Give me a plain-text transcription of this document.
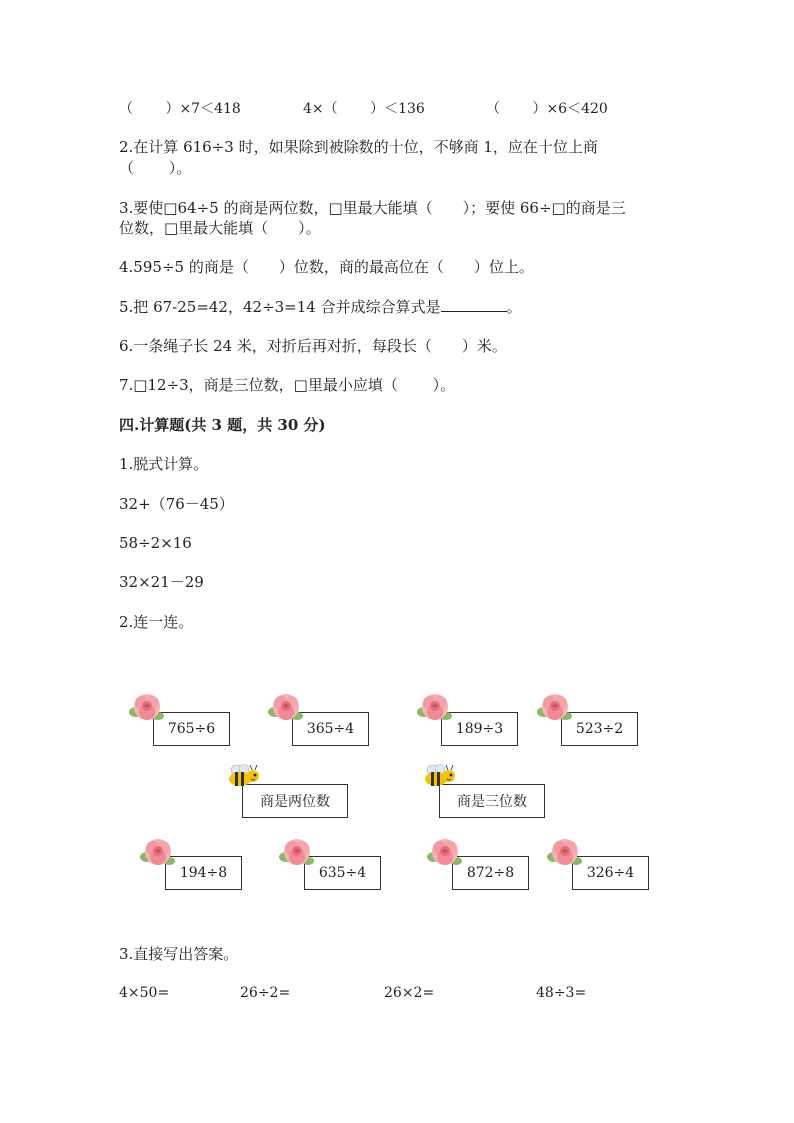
（　　 ）×7＜418	4×（　　 ）＜136	（　　 ）×6＜420
2.在计算 616÷3 时，如果除到被除数的十位，不够商 1，应在十位上商
（　　 ）。
3.要使□64÷5 的商是两位数，□里最大能填（　　）；要使 66÷□的商是三
位数，□里最大能填（　　）。
4.595÷5 的商是（　　）位数，商的最高位在（　　）位上。
5.把 67-25=42，42÷3=14 合并成综合算式是	。
6.一条绳子长 24 米，对折后再对折，每段长（　　）米。
7.□12÷3，商是三位数，□里最小应填（　　 ）。
四.计算题(共 3 题，共 30 分)
1.脱式计算。
32+（76－45）
58÷2×16
32×21－29
2.连一连。
765÷6	365÷4	189÷3	523÷2
商是两位数	商是三位数
194÷8	635÷4	872÷8	326÷4
3.直接写出答案。
4×50=	26÷2=	26×2=	48÷3=
